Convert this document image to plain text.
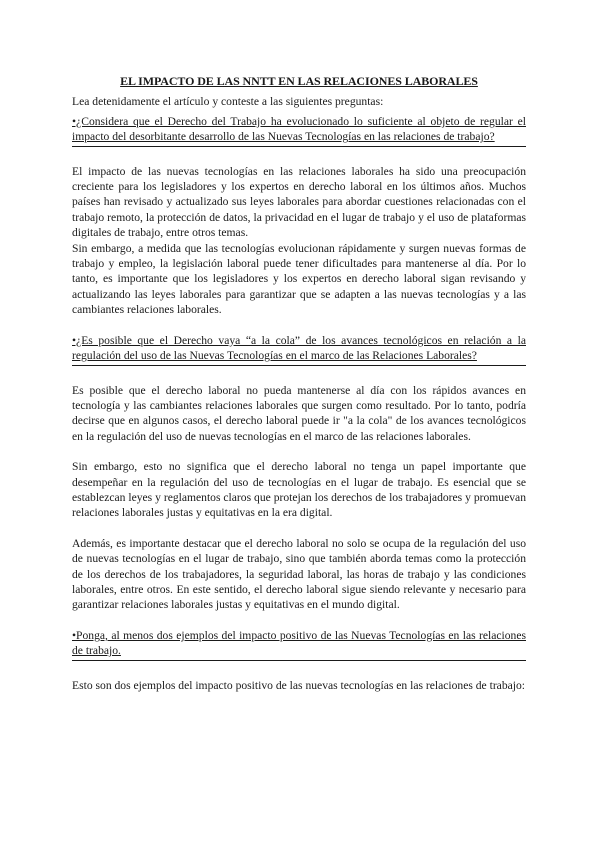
EL IMPACTO DE LAS NNTT EN LAS RELACIONES LABORALES
Lea detenidamente el artículo y conteste a las siguientes preguntas:

•¿Considera que el Derecho del Trabajo ha evolucionado lo suficiente al objeto de regular el impacto del desorbitante desarrollo de las Nuevas Tecnologías en las relaciones de trabajo?

El impacto de las nuevas tecnologías en las relaciones laborales ha sido una preocupación creciente para los legisladores y los expertos en derecho laboral en los últimos años. Muchos países han revisado y actualizado sus leyes laborales para abordar cuestiones relacionadas con el trabajo remoto, la protección de datos, la privacidad en el lugar de trabajo y el uso de plataformas digitales de trabajo, entre otros temas.

Sin embargo, a medida que las tecnologías evolucionan rápidamente y surgen nuevas formas de trabajo y empleo, la legislación laboral puede tener dificultades para mantenerse al día. Por lo tanto, es importante que los legisladores y los expertos en derecho laboral sigan revisando y actualizando las leyes laborales para garantizar que se adapten a las nuevas tecnologías y a las cambiantes relaciones laborales.

•¿Es posible que el Derecho vaya “a la cola” de los avances tecnológicos en relación a la regulación del uso de las Nuevas Tecnologías en el marco de las Relaciones Laborales?

Es posible que el derecho laboral no pueda mantenerse al día con los rápidos avances en tecnología y las cambiantes relaciones laborales que surgen como resultado. Por lo tanto, podría decirse que en algunos casos, el derecho laboral puede ir "a la cola" de los avances tecnológicos en la regulación del uso de nuevas tecnologías en el marco de las relaciones laborales.

Sin embargo, esto no significa que el derecho laboral no tenga un papel importante que desempeñar en la regulación del uso de tecnologías en el lugar de trabajo. Es esencial que se establezcan leyes y reglamentos claros que protejan los derechos de los trabajadores y promuevan relaciones laborales justas y equitativas en la era digital.

Además, es importante destacar que el derecho laboral no solo se ocupa de la regulación del uso de nuevas tecnologías en el lugar de trabajo, sino que también aborda temas como la protección de los derechos de los trabajadores, la seguridad laboral, las horas de trabajo y las condiciones laborales, entre otros. En este sentido, el derecho laboral sigue siendo relevante y necesario para garantizar relaciones laborales justas y equitativas en el mundo digital.

•Ponga, al menos dos ejemplos del impacto positivo de las Nuevas Tecnologías en las relaciones de trabajo.

Esto son dos ejemplos del impacto positivo de las nuevas tecnologías en las relaciones de trabajo:
